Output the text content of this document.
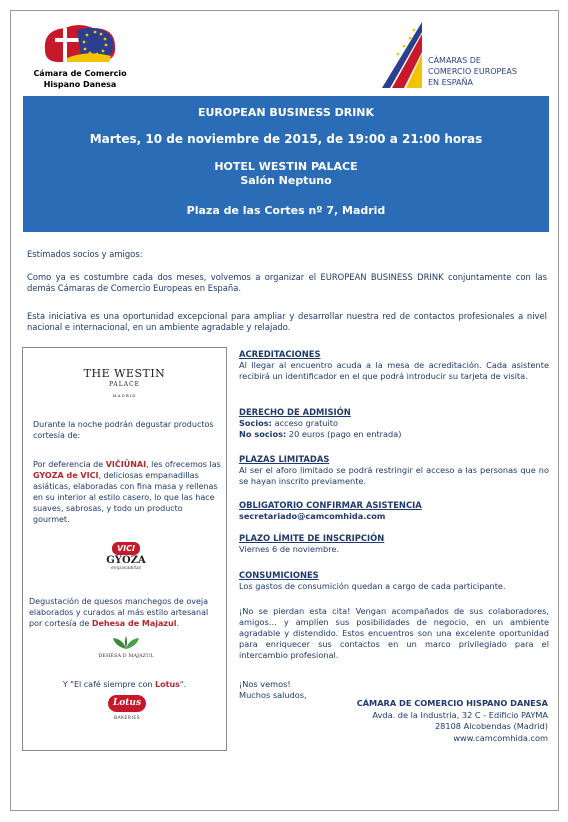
Cámara de Comercio
Hispano Danesa
CÁMARAS DE
COMERCIO EUROPEAS
EN ESPAÑA
EUROPEAN BUSINESS DRINK
Martes, 10 de noviembre de 2015, de 19:00 a 21:00 horas
HOTEL WESTIN PALACE
Salón Neptuno
Plaza de las Cortes nº 7, Madrid
Estimados socios y amigos:
Como ya es costumbre cada dos meses, volvemos a organizar el EUROPEAN BUSINESS DRINK conjuntamente con las demás Cámaras de Comercio Europeas en España.
Esta iniciativa es una oportunidad excepcional para ampliar y desarrollar nuestra red de contactos profesionales a nivel nacional e internacional, en un ambiente agradable y relajado.
THE WESTIN
PALACE
MADRID
Durante la noche podrán degustar productos cortesía de:
Por deferencia de VIČIŪNAI, les ofrecemos las GYOZA de VICI, deliciosas empanadillas asiáticas, elaboradas con fina masa y rellenas en su interior al estilo casero, lo que las hace suaves, sabrosas, y todo un producto gourmet.
VICI
GYOZA
empanadillas
Degustación de quesos manchegos de oveja elaborados y curados al más estilo artesanal por cortesía de Dehesa de Majazul.
DEHESA D MAJAZUL
Y "El café siempre con Lotus".
Lotus
BAKERIES
ACREDITACIONES
Al llegar al encuentro acuda a la mesa de acreditación. Cada asistente recibirá un identificador en el que podrá introducir su tarjeta de visita.
DERECHO DE ADMISIÓN
Socios: acceso gratuito
No socios: 20 euros (pago en entrada)
PLAZAS LIMITADAS
Al ser el aforo limitado se podrá restringir el acceso a las personas que no se hayan inscrito previamente.
OBLIGATORIO CONFIRMAR ASISTENCIA
secretariado@camcomhida.com
PLAZO LÍMITE DE INSCRIPCIÓN
Viernes 6 de noviembre.
CONSUMICIONES
Los gastos de consumición quedan a cargo de cada participante.
¡No se pierdan esta cita! Vengan acompañados de sus colaboradores, amigos… y amplíen sus posibilidades de negocio, en un ambiente agradable y distendido. Estos encuentros son una excelente oportunidad para enriquecer sus contactos en un marco privilegiado para el intercambio profesional.
¡Nos vemos!
Muchos saludos,
CÁMARA DE COMERCIO HISPANO DANESA
Avda. de la Industria, 32 C - Edificio PAYMA
28108 Alcobendas (Madrid)
www.camcomhida.com
